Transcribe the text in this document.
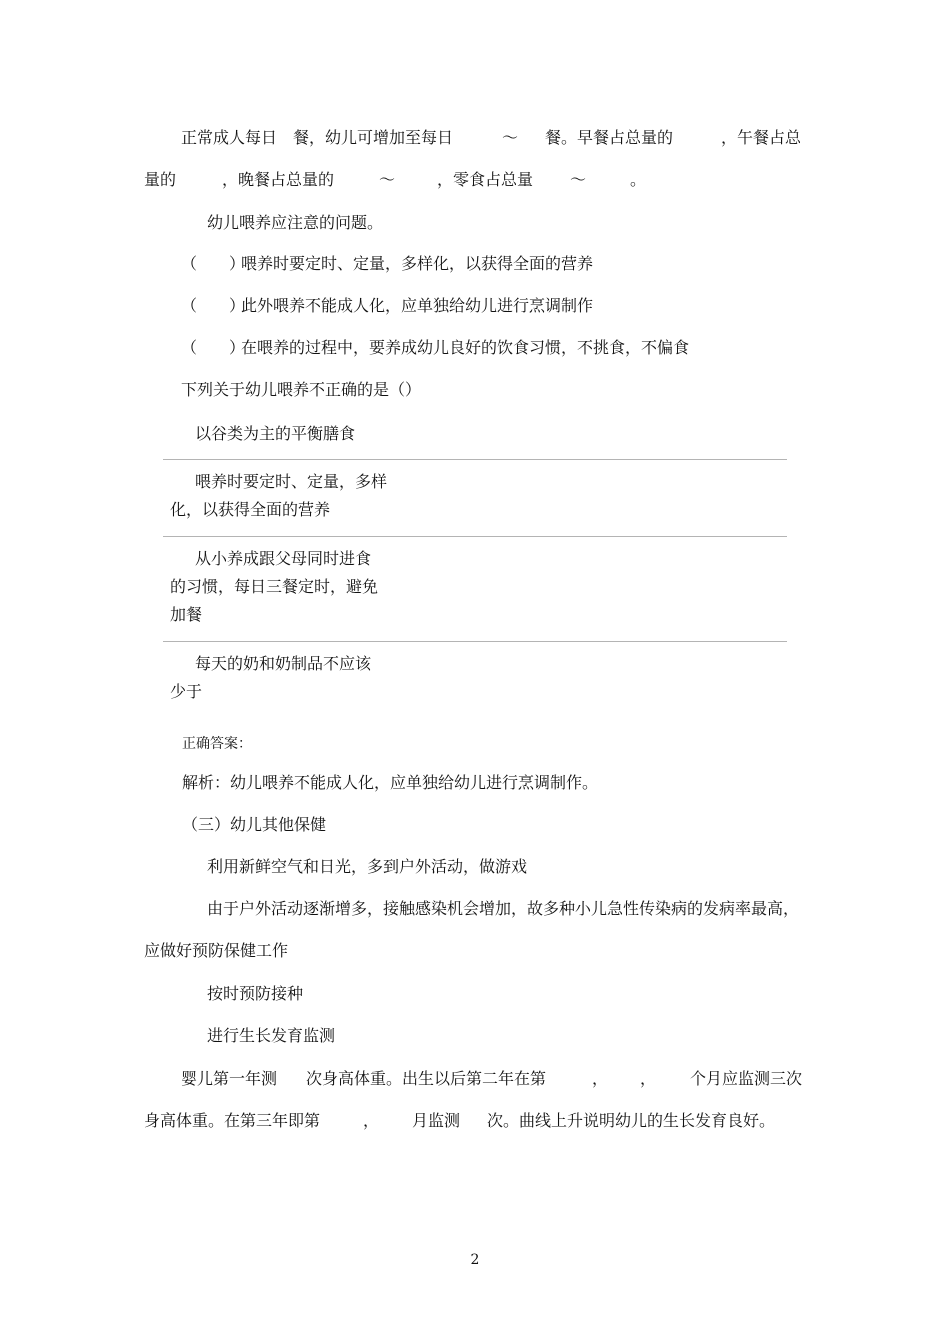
正常成人每日 餐，幼儿可增加至每日	～ 餐。早餐占总量的	，午餐占总
量的	，晚餐占总量的	～	，零食占总量 ～	。
幼儿喂养应注意的问题。
（　　）
喂养时要定时、定量，多样化，以获得全面的营养
（　　）
此外喂养不能成人化，应单独给幼儿进行烹调制作
（　　）
在喂养的过程中，要养成幼儿良好的饮食习惯，不挑食，不偏食
下列关于幼儿喂养不正确的是（）
以谷类为主的平衡膳食
喂养时要定时、定量，多样
化，以获得全面的营养
从小养成跟父母同时进食
的习惯，每日三餐定时，避免
加餐
每天的奶和奶制品不应该
少于
正确答案：
解析：幼儿喂养不能成人化，应单独给幼儿进行烹调制作。
（三）幼儿其他保健
利用新鲜空气和日光，多到户外活动，做游戏
由于户外活动逐渐增多，接触感染机会增加，故多种小儿急性传染病的发病率最高，
应做好预防保健工作
按时预防接种
进行生长发育监测
婴儿第一年测 次身高体重。出生以后第二年在第	， ， 个月应监测三次
身高体重。在第三年即第	， 月监测 次。曲线上升说明幼儿的生长发育良好。
2
